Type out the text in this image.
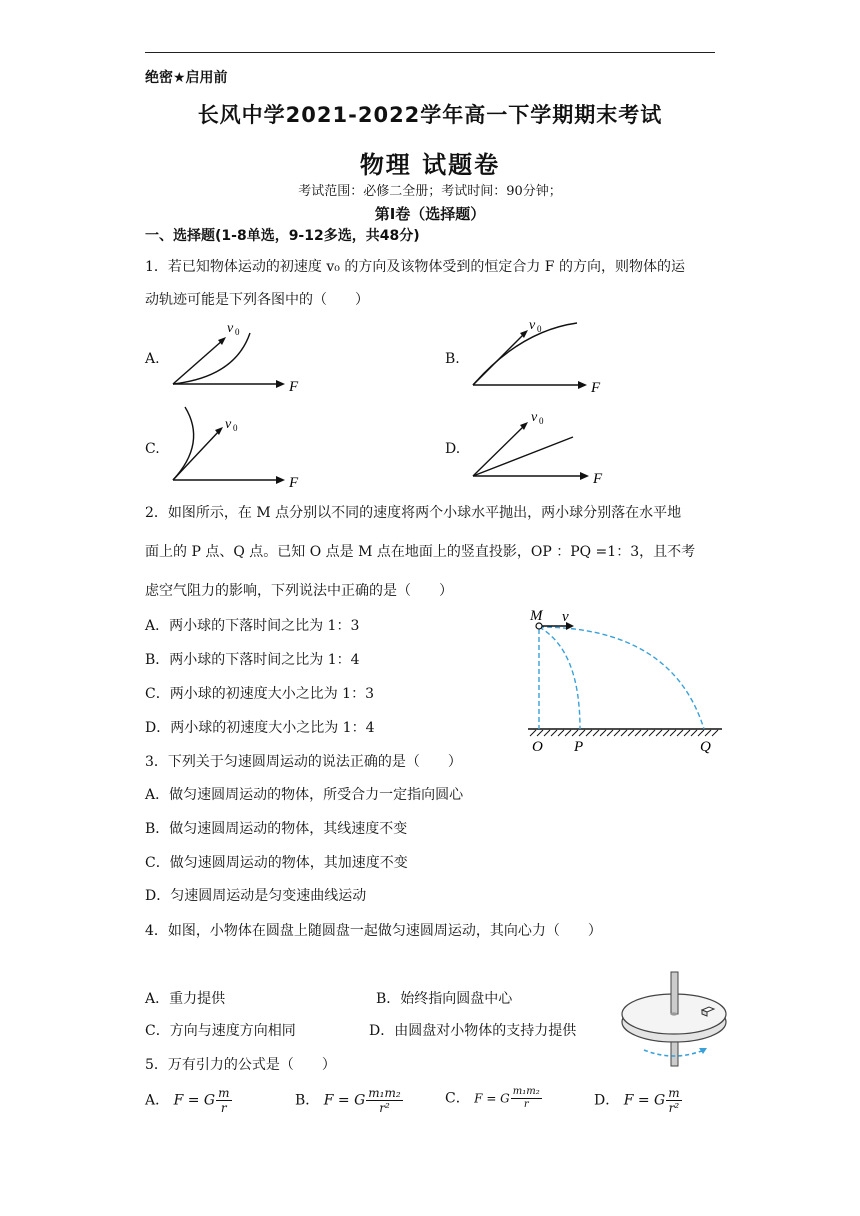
绝密★启用前
长风中学2021-2022学年高一下学期期末考试
物理 试题卷
考试范围：必修二全册；考试时间：90分钟；
第Ⅰ卷（选择题）
一、选择题(1-8单选，9-12多选，共48分)
1．若已知物体运动的初速度 v₀ 的方向及该物体受到的恒定合力 F 的方向，则物体的运
动轨迹可能是下列各图中的（　　）
A.
v 0
F
B.
v 0
F
C.
v 0
F
D.
v 0
F
2．如图所示，在 M 点分别以不同的速度将两个小球水平抛出，两小球分别落在水平地
面上的 P 点、Q 点。已知 O 点是 M 点在地面上的竖直投影，OP ：PQ =1：3，且不考
虑空气阻力的影响，下列说法中正确的是（　　）
A．两小球的下落时间之比为 1：3
B．两小球的下落时间之比为 1：4
C．两小球的初速度大小之比为 1：3
D．两小球的初速度大小之比为 1：4
M v
O P	Q
3．下列关于匀速圆周运动的说法正确的是（　　）
A．做匀速圆周运动的物体，所受合力一定指向圆心
B．做匀速圆周运动的物体，其线速度不变
C．做匀速圆周运动的物体，其加速度不变
D．匀速圆周运动是匀变速曲线运动
4．如图，小物体在圆盘上随圆盘一起做匀速圆周运动，其向心力（　　）
A．重力提供	B．始终指向圆盘中心
C．方向与速度方向相同	D．由圆盘对小物体的支持力提供
5．万有引力的公式是（　　）
A． F = G $\frac{m}{r}$	B． F = G $\frac{\text{m₁m₂}}{\text{r²}}$	C． F = G $\frac{\text{m₁m₂}}{r}$	D． F = G $\frac{m}{\text{r²}}$
